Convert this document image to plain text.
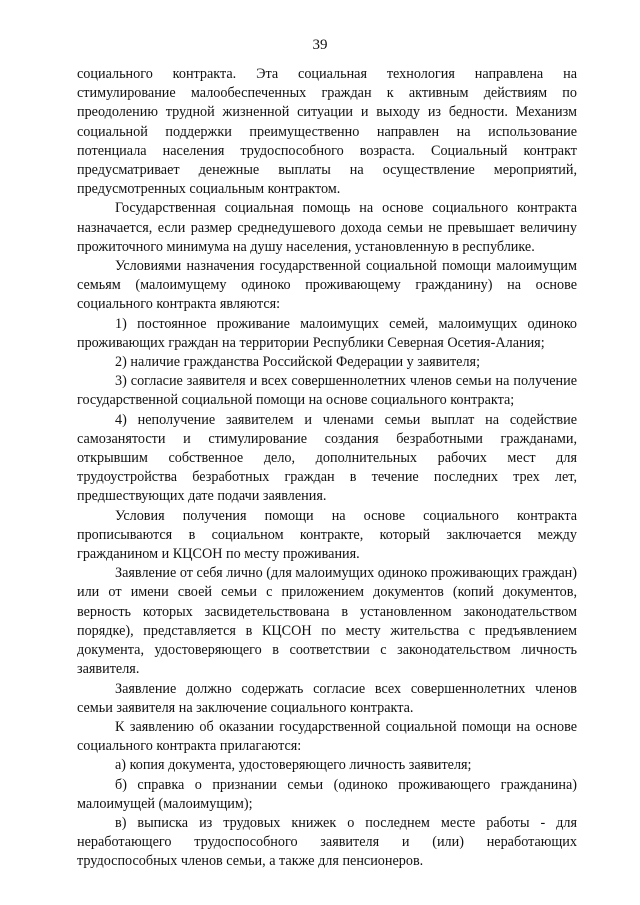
39

социального контракта. Эта социальная технология направлена на стимулирование малообеспеченных граждан к активным действиям по преодолению трудной жизненной ситуации и выходу из бедности. Механизм социальной поддержки преимущественно направлен на использование потенциала населения трудоспособного возраста. Социальный контракт предусматривает денежные выплаты на осуществление мероприятий, предусмотренных социальным контрактом.

Государственная социальная помощь на основе социального контракта назначается, если размер среднедушевого дохода семьи не превышает величину прожиточного минимума на душу населения, установленную в республике.

Условиями назначения государственной социальной помощи малоимущим семьям (малоимущему одиноко проживающему гражданину) на основе социального контракта являются:

1) постоянное проживание малоимущих семей, малоимущих одиноко проживающих граждан на территории Республики Северная Осетия-Алания;

2) наличие гражданства Российской Федерации у заявителя;

3) согласие заявителя и всех совершеннолетних членов семьи на получение государственной социальной помощи на основе социального контракта;

4) неполучение заявителем и членами семьи выплат на содействие самозанятости и стимулирование создания безработными гражданами, открывшим собственное дело, дополнительных рабочих мест для трудоустройства безработных граждан в течение последних трех лет, предшествующих дате подачи заявления.

Условия получения помощи на основе социального контракта прописываются в социальном контракте, который заключается между гражданином и КЦСОН по месту проживания.

Заявление от себя лично (для малоимущих одиноко проживающих граждан) или от имени своей семьи с приложением документов (копий документов, верность которых засвидетельствована в установленном законодательством порядке), представляется в КЦСОН по месту жительства с предъявлением документа, удостоверяющего в соответствии с законодательством личность заявителя.

Заявление должно содержать согласие всех совершеннолетних членов семьи заявителя на заключение социального контракта.

К заявлению об оказании государственной социальной помощи на основе социального контракта прилагаются:

а) копия документа, удостоверяющего личность заявителя;

б) справка о признании семьи (одиноко проживающего гражданина) малоимущей (малоимущим);

в) выписка из трудовых книжек о последнем месте работы - для неработающего трудоспособного заявителя и (или) неработающих трудоспособных членов семьи, а также для пенсионеров.
